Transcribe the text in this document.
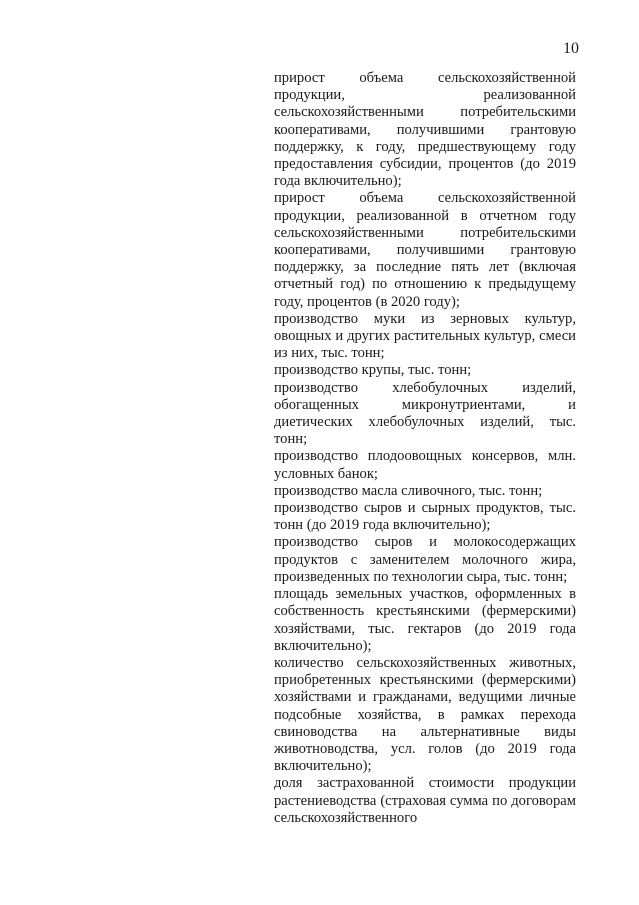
10

прирост объема сельскохозяйственной продукции, реализованной сельскохозяйственными потребительскими кооперативами, получившими грантовую поддержку, к году, предшествующему году предоставления субсидии, процентов (до 2019 года включительно);

прирост объема сельскохозяйственной продукции, реализованной в отчетном году сельскохозяйственными потребительскими кооперативами, получившими грантовую поддержку, за последние пять лет (включая отчетный год) по отношению к предыдущему году, процентов (в 2020 году);

производство муки из зерновых культур, овощных и других растительных культур, смеси из них, тыс. тонн;

производство крупы, тыс. тонн;

производство хлебобулочных изделий, обогащенных микронутриентами, и диетических хлебобулочных изделий, тыс. тонн;

производство плодоовощных консервов, млн. условных банок;

производство масла сливочного, тыс. тонн;

производство сыров и сырных продуктов, тыс. тонн (до 2019 года включительно);

производство сыров и молокосодержащих продуктов с заменителем молочного жира, произведенных по технологии сыра, тыс. тонн;

площадь земельных участков, оформленных в собственность крестьянскими (фермерскими) хозяйствами, тыс. гектаров (до 2019 года включительно);

количество сельскохозяйственных животных, приобретенных крестьянскими (фермерскими) хозяйствами и гражданами, ведущими личные подсобные хозяйства, в рамках перехода свиноводства на альтернативные виды животноводства, усл. голов (до 2019 года включительно);

доля застрахованной стоимости продукции растениеводства (страховая сумма по договорам сельскохозяйственного
